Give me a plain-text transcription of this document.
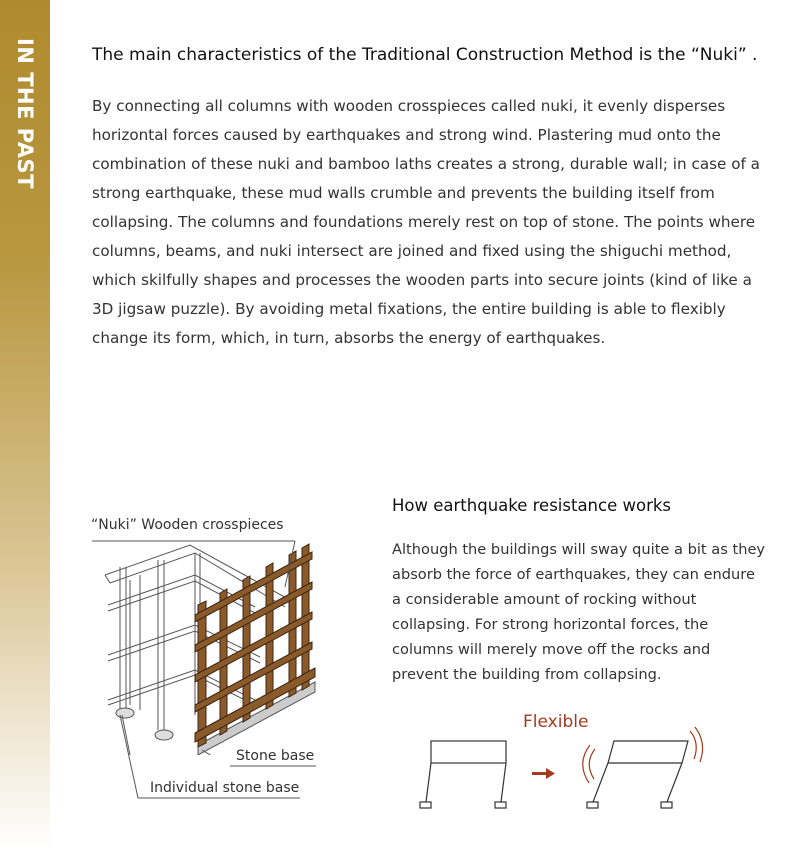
IN THE PAST	The main characteristics of the Traditional Construction Method is the “Nuki” .

By connecting all columns with wooden crosspieces called nuki, it evenly disperses horizontal forces caused by earthquakes and strong wind. Plastering mud onto the combination of these nuki and bamboo laths creates a strong, durable wall; in case of a strong earthquake, these mud walls crumble and prevents the building itself from collapsing. The columns and foundations merely rest on top of stone. The points where columns, beams, and nuki intersect are joined and fixed using the shiguchi method, which skilfully shapes and processes the wooden parts into secure joints (kind of like a 3D jigsaw puzzle). By avoiding metal fixations, the entire building is able to flexibly change its form, which, in turn, absorbs the energy of earthquakes.

“Nuki” Wooden crosspieces
Stone base
Individual stone base
How earthquake resistance works

Although the buildings will sway quite a bit as they absorb the force of earthquakes, they can endure a considerable amount of rocking without collapsing. For strong horizontal forces, the columns will merely move off the rocks and prevent the building from collapsing.

Flexible
